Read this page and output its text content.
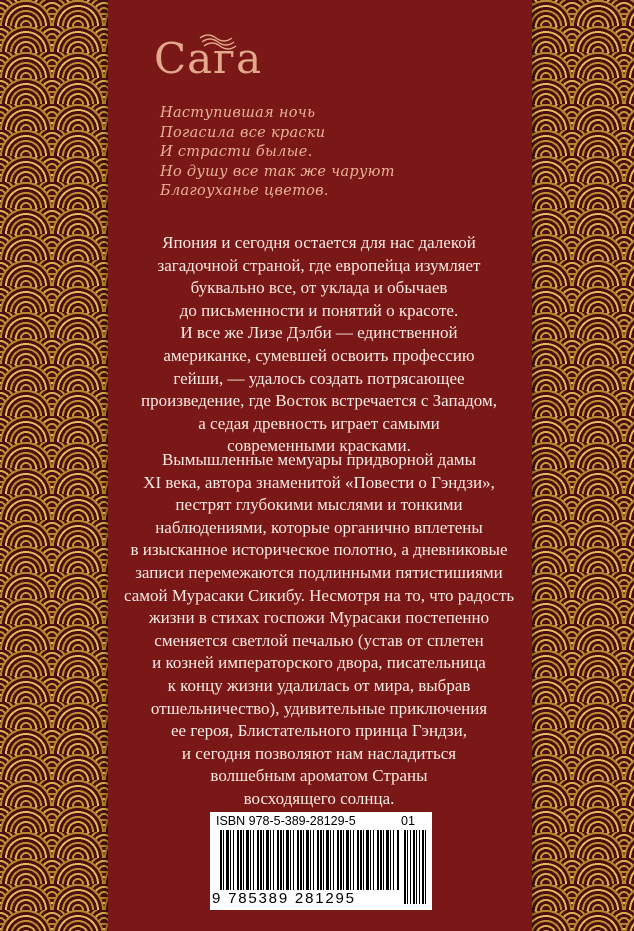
Сага
Наступившая ночь
Погасила все краски
И страсти былые.
Но душу все так же чаруют
Благоуханье цветов.
Япония и сегодня остается для нас далекой
загадочной страной, где европейца изумляет
буквально все, от уклада и обычаев
до письменности и понятий о красоте.
И все же Лизе Дэлби — единственной
американке, сумевшей освоить профессию
гейши, — удалось создать потрясающее
произведение, где Восток встречается с Западом,
а седая древность играет самыми
современными красками.
Вымышленные мемуары придворной дамы
XI века, автора знаменитой «Повести о Гэндзи»,
пестрят глубокими мыслями и тонкими
наблюдениями, которые органично вплетены
в изысканное историческое полотно, а дневниковые
записи перемежаются подлинными пятистишиями
самой Мурасаки Сикибу. Несмотря на то, что радость
жизни в стихах госпожи Мурасаки постепенно
сменяется светлой печалью (устав от сплетен
и козней императорского двора, писательница
к концу жизни удалилась от мира, выбрав
отшельничество), удивительные приключения
ее героя, Блистательного принца Гэндзи,
и сегодня позволяют нам насладиться
волшебным ароматом Страны
восходящего солнца.
ISBN 978-5-389-28129-5	01
9 785389 281295
